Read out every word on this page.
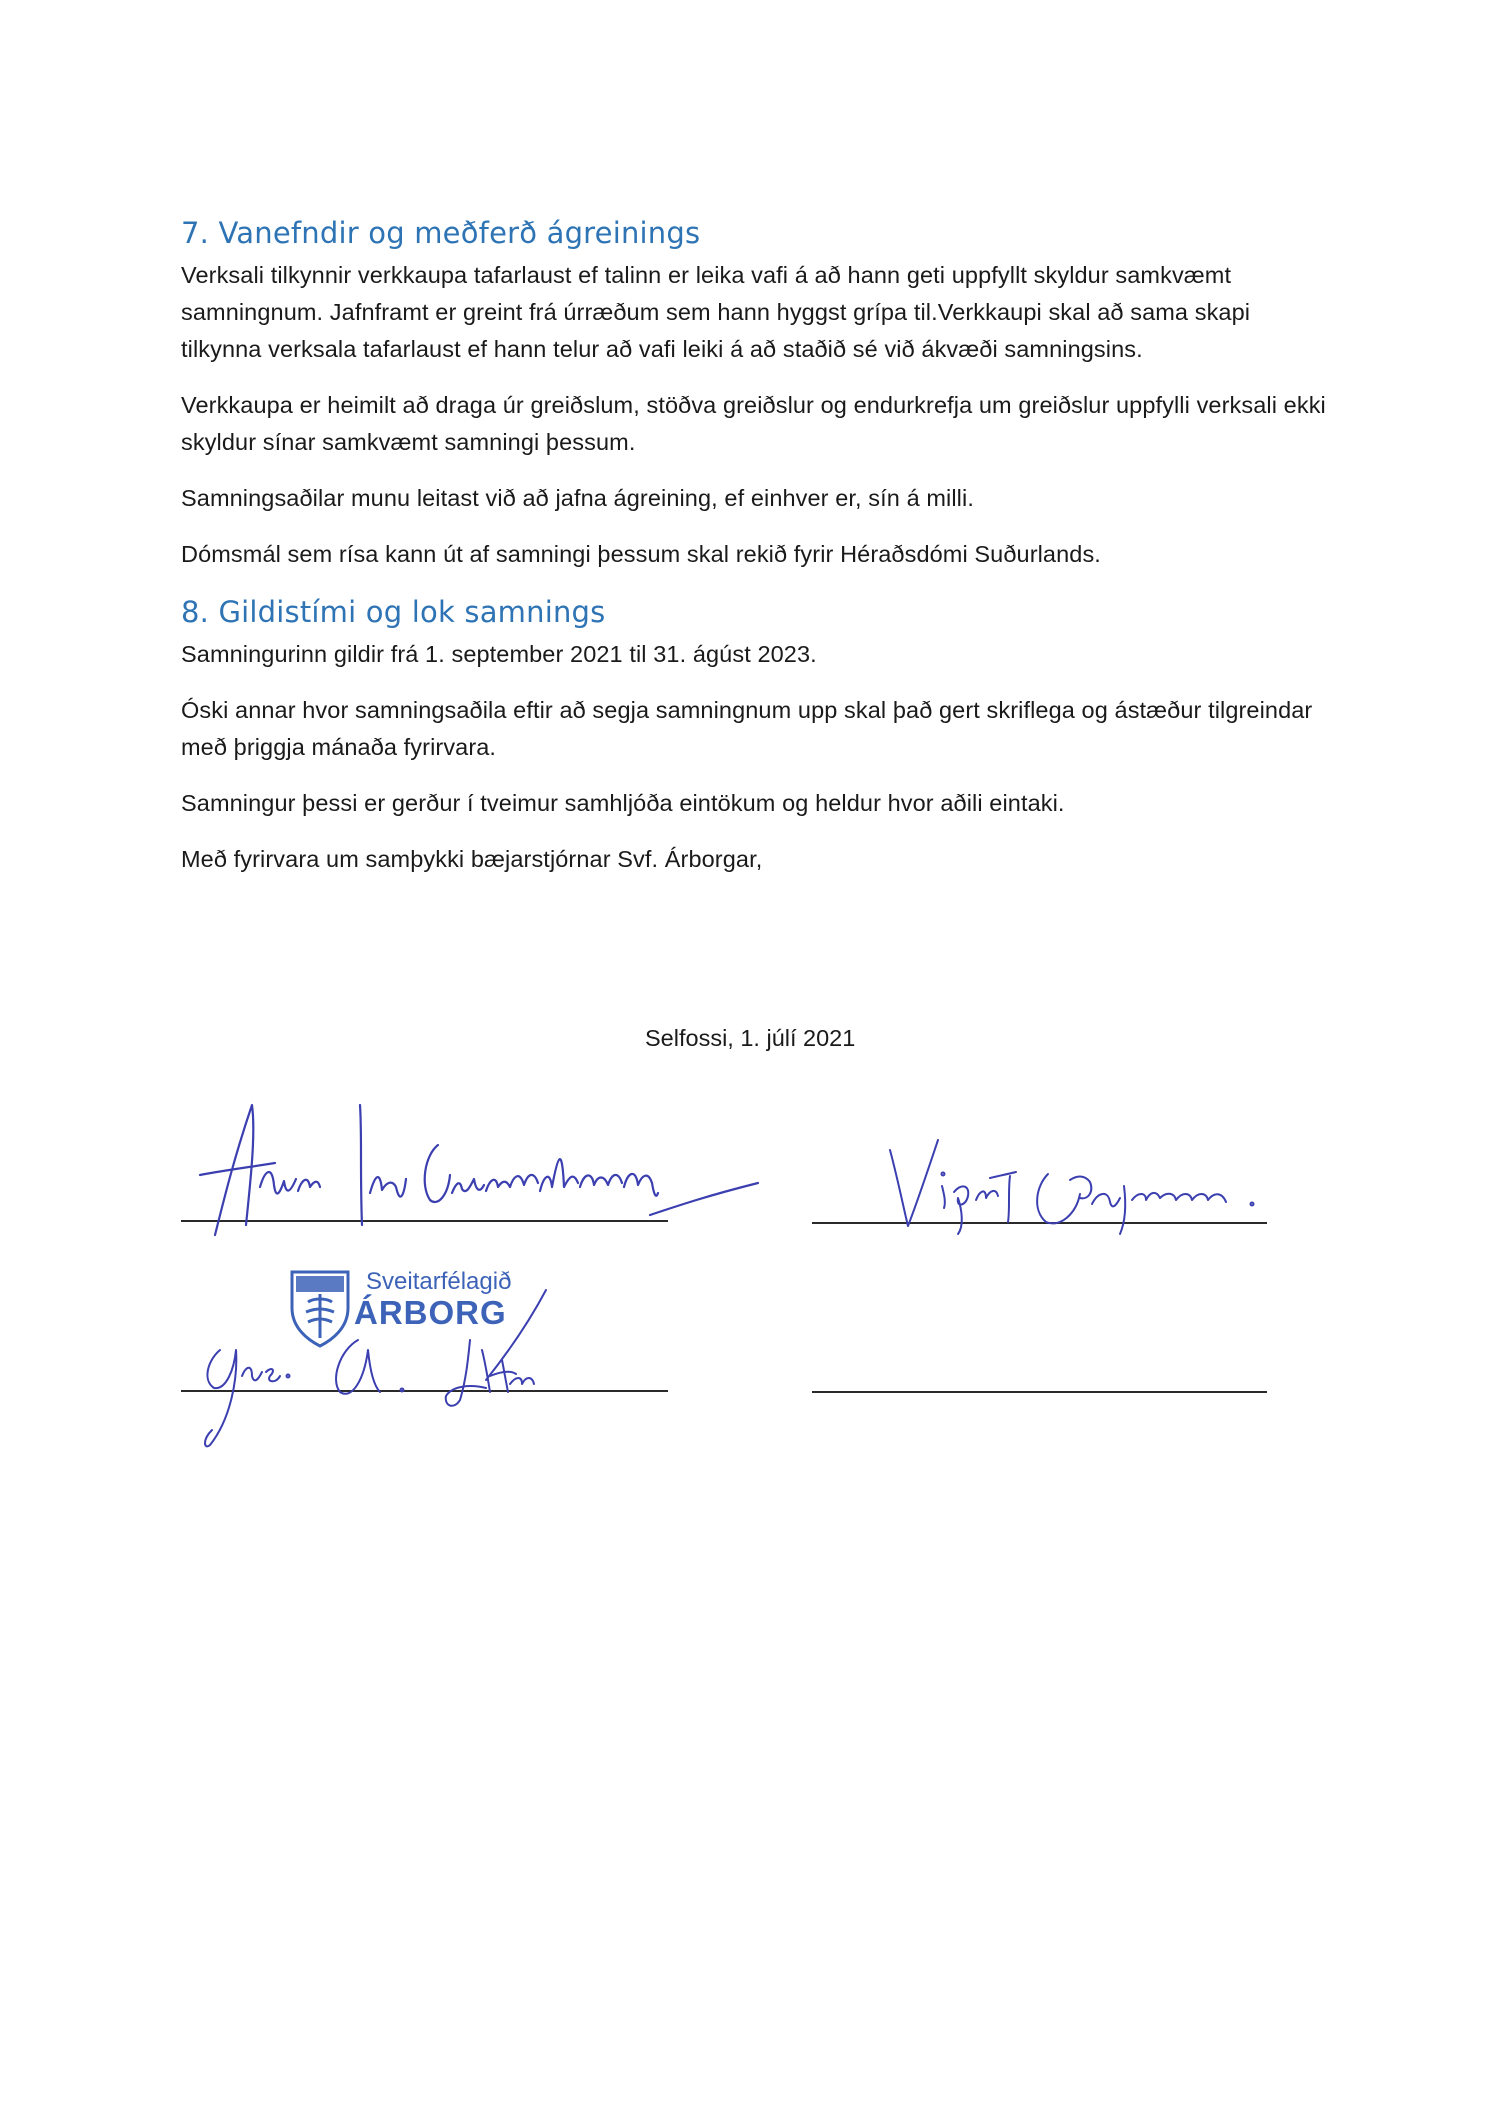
7. Vanefndir og meðferð ágreinings

Verksali tilkynnir verkkaupa tafarlaust ef talinn er leika vafi á að hann geti uppfyllt skyldur samkvæmt samningnum. Jafnframt er greint frá úrræðum sem hann hyggst grípa til.Verkkaupi skal að sama skapi tilkynna verksala tafarlaust ef hann telur að vafi leiki á að staðið sé við ákvæði samningsins.

Verkkaupa er heimilt að draga úr greiðslum, stöðva greiðslur og endurkrefja um greiðslur uppfylli verksali ekki skyldur sínar samkvæmt samningi þessum.

Samningsaðilar munu leitast við að jafna ágreining, ef einhver er, sín á milli.

Dómsmál sem rísa kann út af samningi þessum skal rekið fyrir Héraðsdómi Suðurlands.

8. Gildistími og lok samnings

Samningurinn gildir frá 1. september 2021 til 31. ágúst 2023.

Óski annar hvor samningsaðila eftir að segja samningnum upp skal það gert skriflega og ástæður tilgreindar með þriggja mánaða fyrirvara.

Samningur þessi er gerður í tveimur samhljóða eintökum og heldur hvor aðili eintaki.

Með fyrirvara um samþykki bæjarstjórnar Svf. Árborgar,

Selfossi, 1. júlí 2021
Sveitarfélagið
ÁRBORG
